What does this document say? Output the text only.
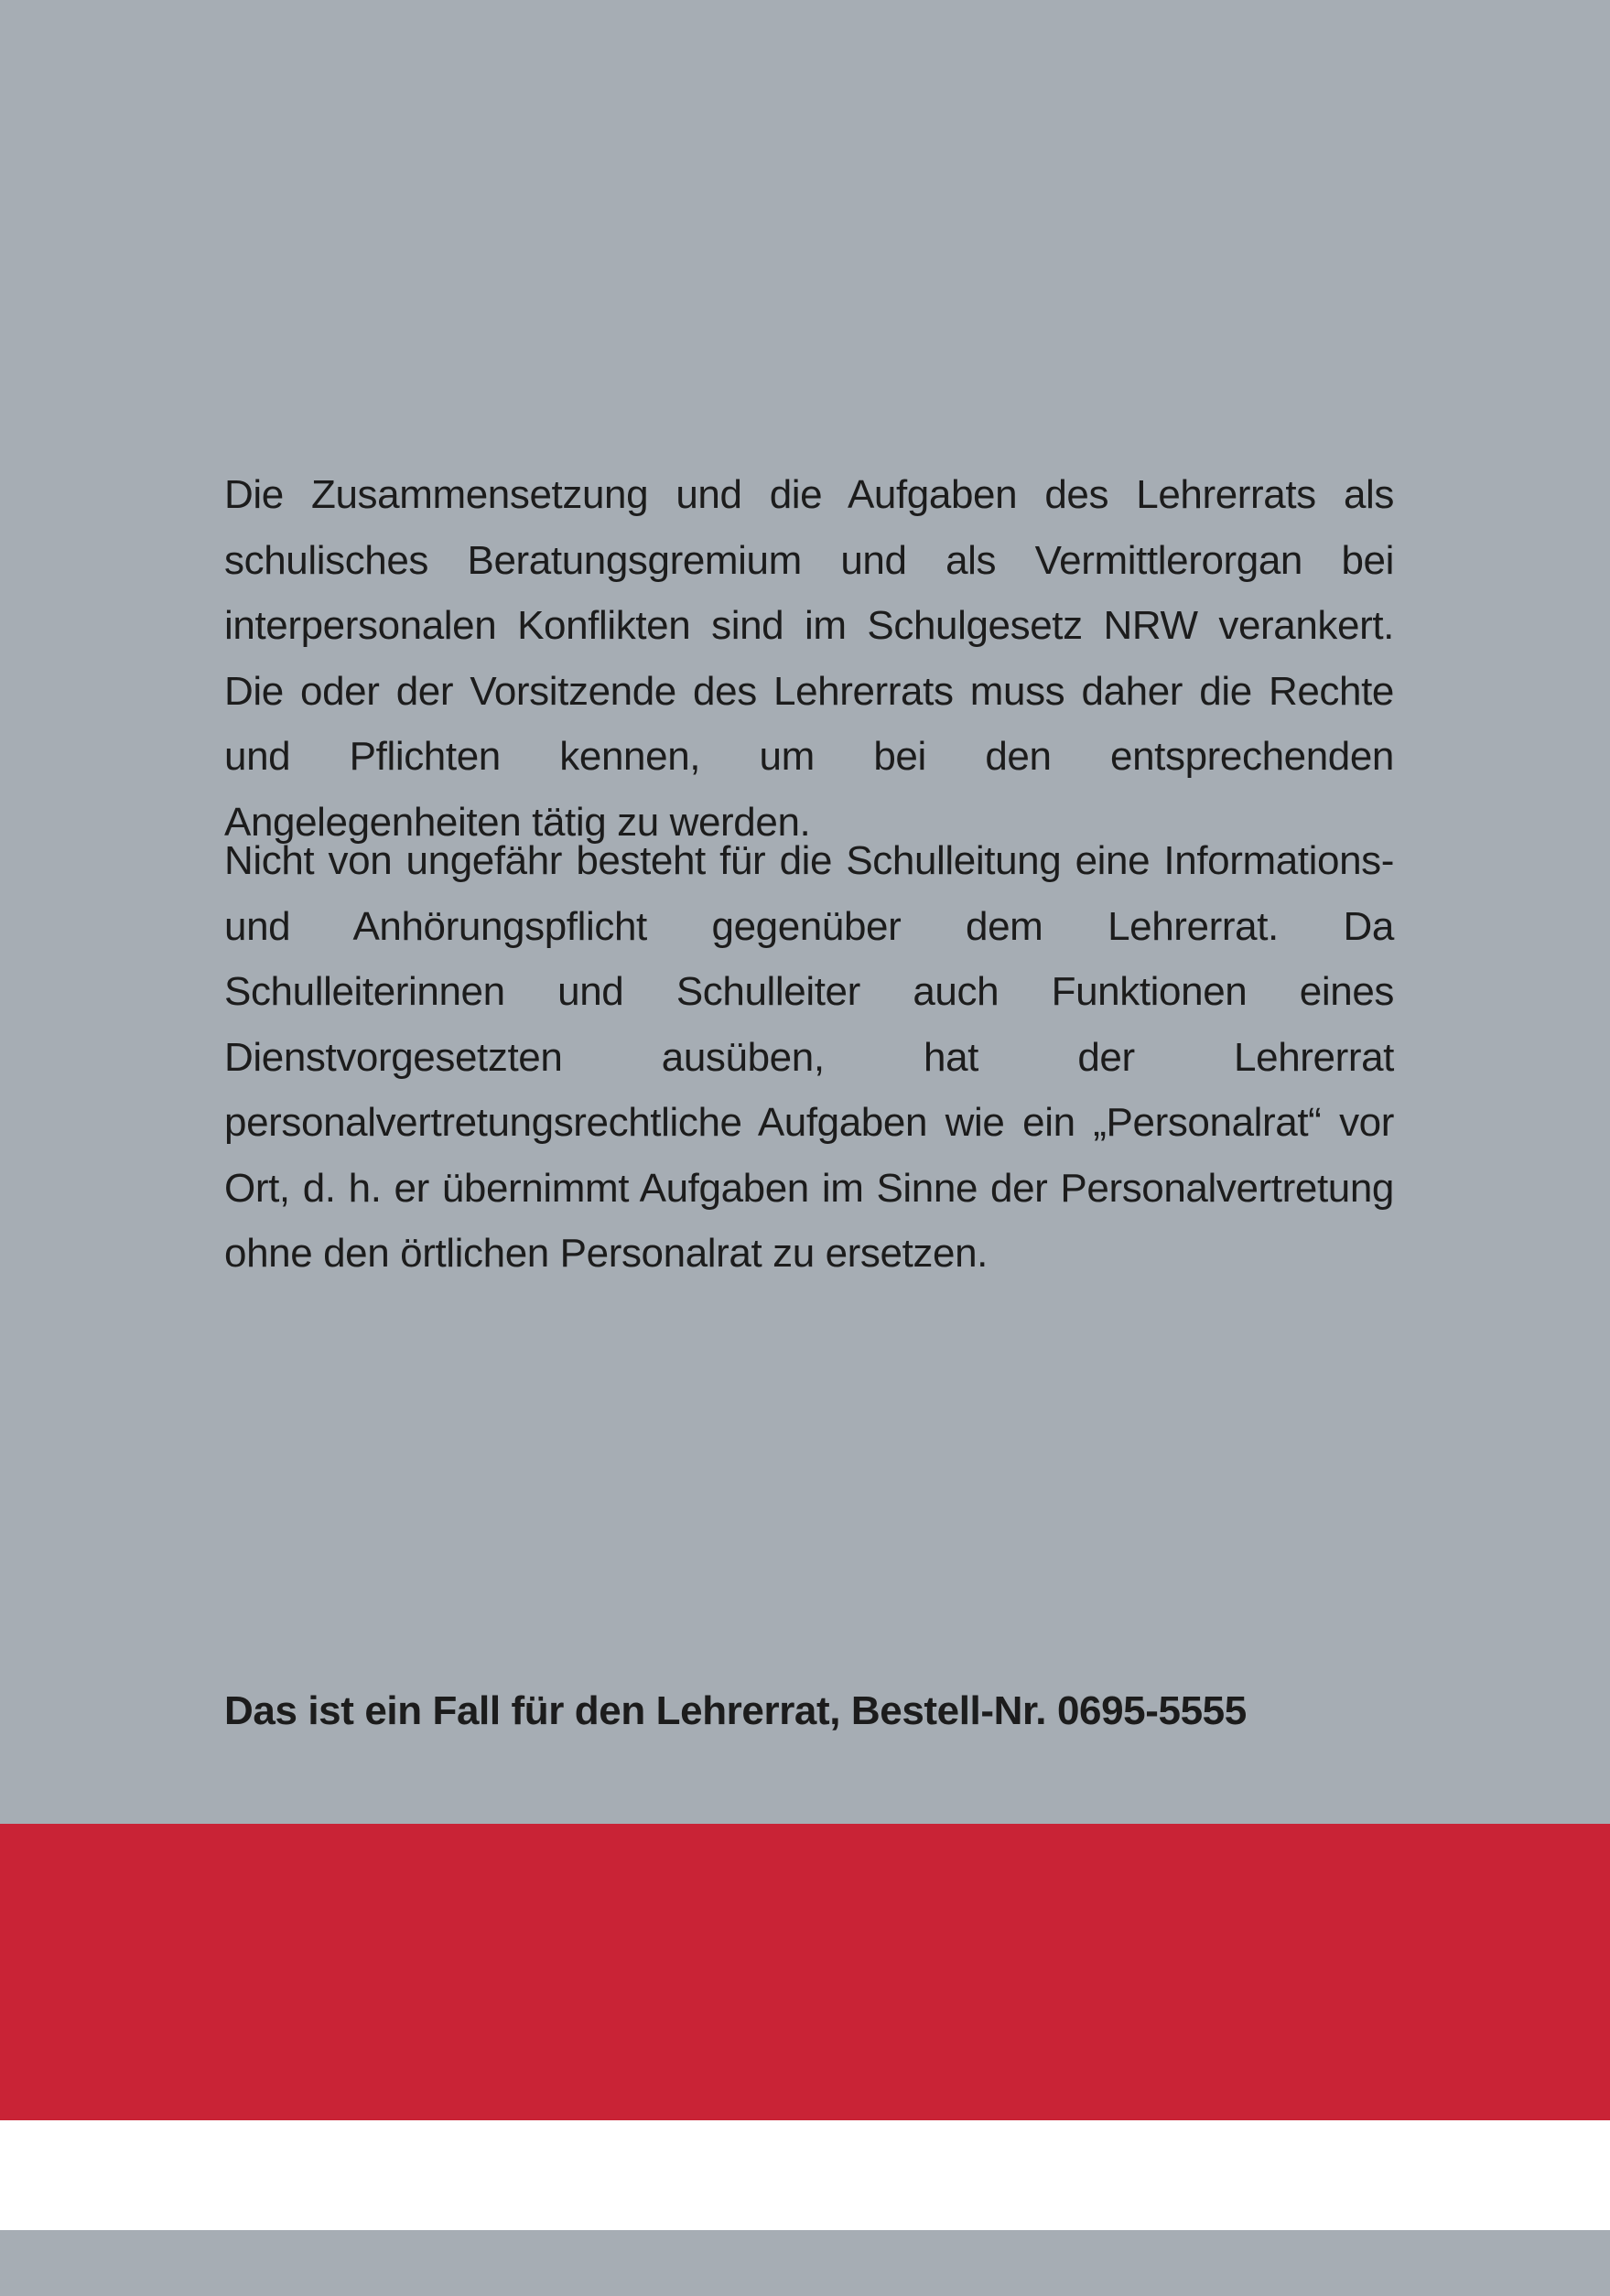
Die Zusammensetzung und die Aufgaben des Lehrerrats als schulisches Beratungsgremium und als Vermittlerorgan bei interpersonalen Konflikten sind im Schulgesetz NRW verankert. Die oder der Vorsitzende des Lehrerrats muss daher die Rechte und Pflichten kennen, um bei den entsprechenden Angelegenheiten tätig zu werden.

Nicht von ungefähr besteht für die Schulleitung eine Informations- und Anhörungspflicht gegenüber dem Lehrerrat. Da Schulleiterinnen und Schulleiter auch Funktionen eines Dienstvorgesetzten ausüben, hat der Lehrerrat personalvertretungsrechtliche Aufgaben wie ein „Personalrat“ vor Ort, d. h. er übernimmt Aufgaben im Sinne der Personalvertretung ohne den örtlichen Personalrat zu ersetzen.

Das ist ein Fall für den Lehrerrat, Bestell-Nr. 0695-5555
